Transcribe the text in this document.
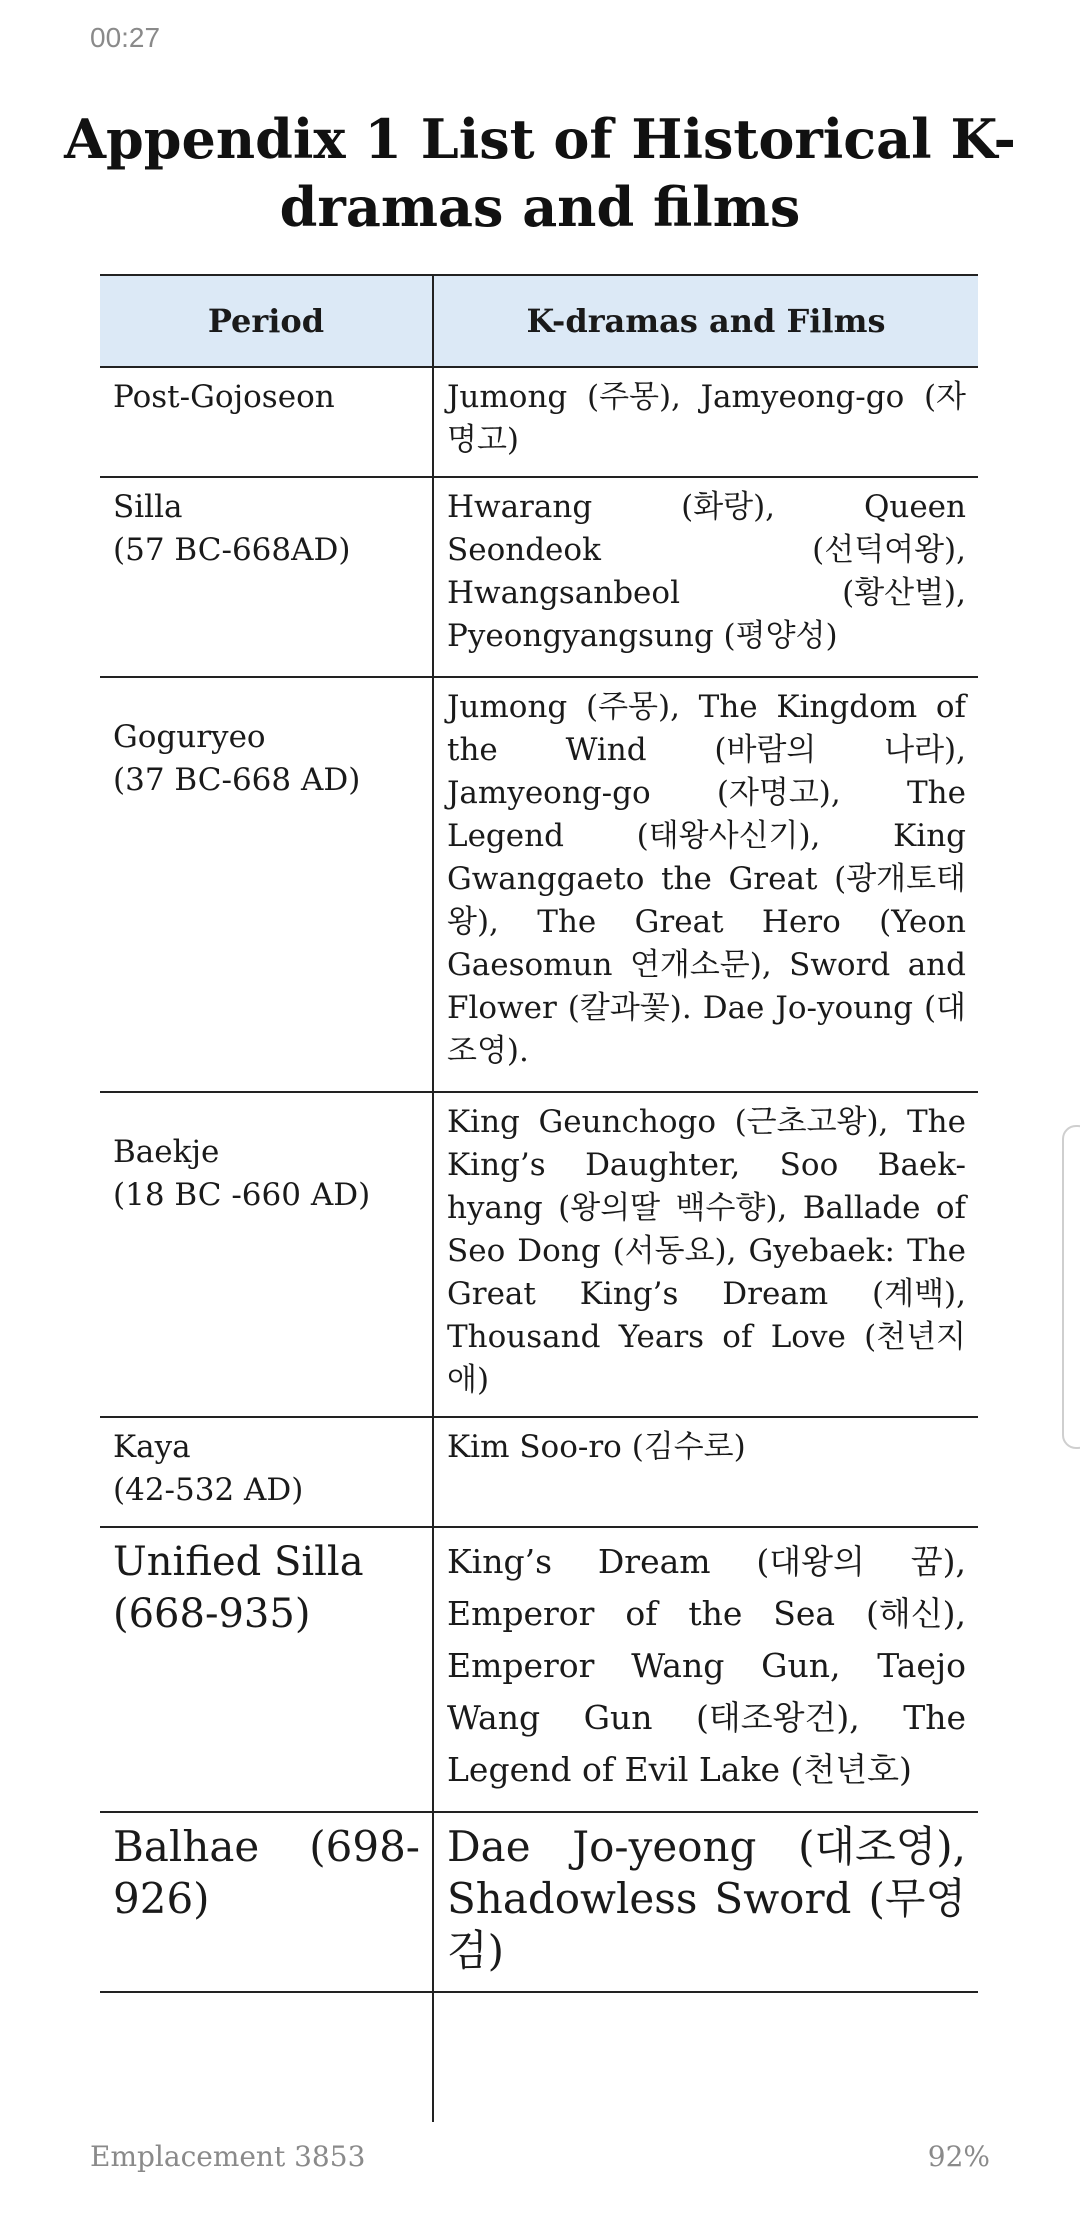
00:27
Appendix 1 List of Historical K-dramas and films
Period	K-dramas and Films
Post-Gojoseon	Jumong (주몽), Jamyeong-go (자명고)
Silla
(57 BC-668AD)	Hwarang (화랑), Queen Seondeok (선덕여왕), Hwangsanbeol (황산벌), Pyeongyangsung (평양성)
Goguryeo
(37 BC-668 AD)	Jumong (주몽), The Kingdom of the Wind (바람의 나라), Jamyeong-go (자명고), The Legend (태왕사신기), King Gwanggaeto the Great (광개토태왕), The Great Hero (Yeon Gaesomun 연개소문), Sword and Flower (칼과꽃). Dae Jo-young (대조영).
Baekje
(18 BC -660 AD)	King Geunchogo (근초고왕), The King’s Daughter, Soo Baek-hyang (왕의딸 백수향), Ballade of Seo Dong (서동요), Gyebaek: The Great King’s Dream (계백), Thousand Years of Love (천년지애)
Kaya
(42-532 AD)	Kim Soo-ro (김수로)
Unified Silla
(668-935)	King’s Dream (대왕의 꿈), Emperor of the Sea (해신), Emperor Wang Gun, Taejo Wang Gun (태조왕건), The Legend of Evil Lake (천년호)
Balhae (698-926)	Dae Jo-yeong (대조영), Shadowless Sword (무영검)
Emplacement 3853	92%
